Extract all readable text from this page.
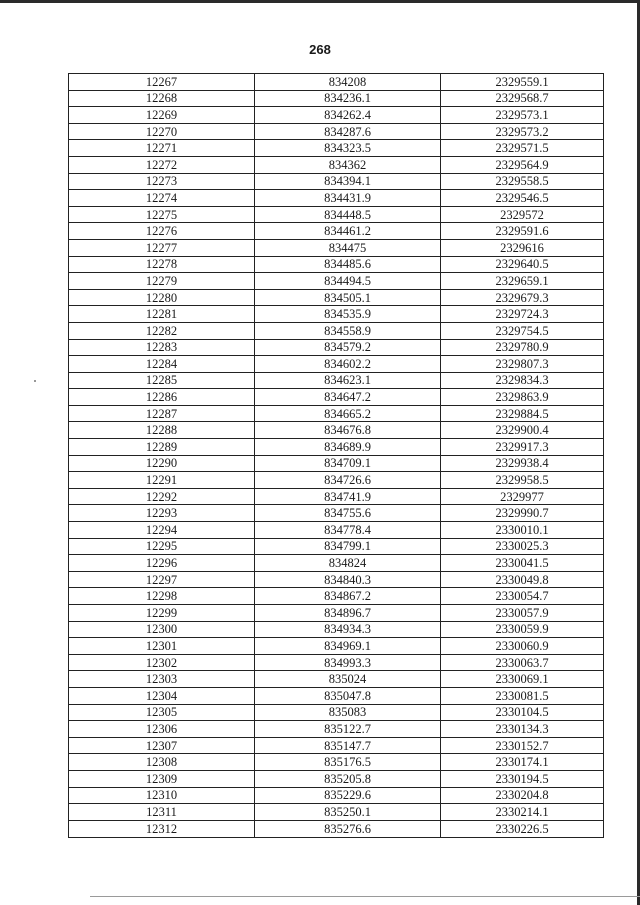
268
12267	834208	2329559.1
12268	834236.1	2329568.7
12269	834262.4	2329573.1
12270	834287.6	2329573.2
12271	834323.5	2329571.5
12272	834362	2329564.9
12273	834394.1	2329558.5
12274	834431.9	2329546.5
12275	834448.5	2329572
12276	834461.2	2329591.6
12277	834475	2329616
12278	834485.6	2329640.5
12279	834494.5	2329659.1
12280	834505.1	2329679.3
12281	834535.9	2329724.3
12282	834558.9	2329754.5
12283	834579.2	2329780.9
12284	834602.2	2329807.3
12285	834623.1	2329834.3
12286	834647.2	2329863.9
12287	834665.2	2329884.5
12288	834676.8	2329900.4
12289	834689.9	2329917.3
12290	834709.1	2329938.4
12291	834726.6	2329958.5
12292	834741.9	2329977
12293	834755.6	2329990.7
12294	834778.4	2330010.1
12295	834799.1	2330025.3
12296	834824	2330041.5
12297	834840.3	2330049.8
12298	834867.2	2330054.7
12299	834896.7	2330057.9
12300	834934.3	2330059.9
12301	834969.1	2330060.9
12302	834993.3	2330063.7
12303	835024	2330069.1
12304	835047.8	2330081.5
12305	835083	2330104.5
12306	835122.7	2330134.3
12307	835147.7	2330152.7
12308	835176.5	2330174.1
12309	835205.8	2330194.5
12310	835229.6	2330204.8
12311	835250.1	2330214.1
12312	835276.6	2330226.5
